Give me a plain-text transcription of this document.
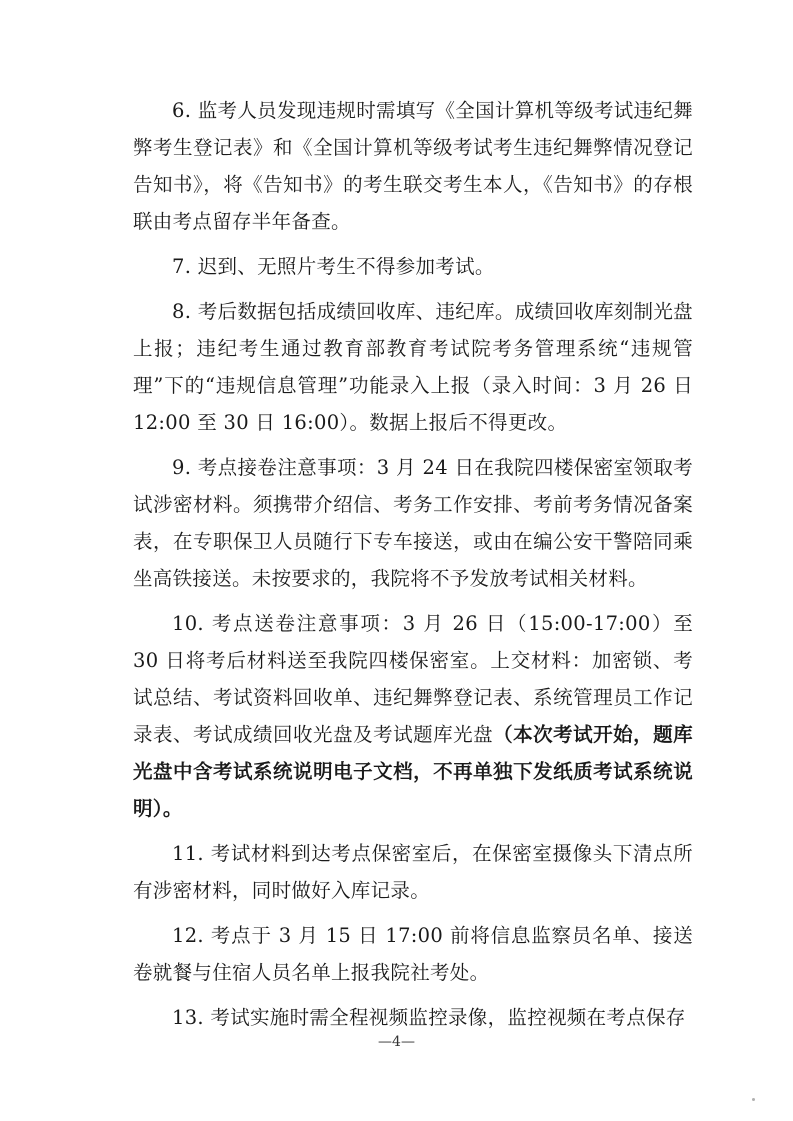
6. 监考人员发现违规时需填写《全国计算机等级考试违纪舞弊考生登记表》和《全国计算机等级考试考生违纪舞弊情况登记告知书》，将《告知书》的考生联交考生本人，《告知书》的存根联由考点留存半年备查。

7. 迟到、无照片考生不得参加考试。

8. 考后数据包括成绩回收库、违纪库。成绩回收库刻制光盘上报；违纪考生通过教育部教育考试院考务管理系统“违规管理”下的“违规信息管理”功能录入上报（录入时间：3 月 26 日 12:00 至 30 日 16:00）。数据上报后不得更改。

9. 考点接卷注意事项：3 月 24 日在我院四楼保密室领取考试涉密材料。须携带介绍信、考务工作安排、考前考务情况备案表，在专职保卫人员随行下专车接送，或由在编公安干警陪同乘坐高铁接送。未按要求的，我院将不予发放考试相关材料。

10. 考点送卷注意事项：3 月 26 日（15:00-17:00）至 30 日将考后材料送至我院四楼保密室。上交材料：加密锁、考试总结、考试资料回收单、违纪舞弊登记表、系统管理员工作记录表、考试成绩回收光盘及考试题库光盘（本次考试开始，题库光盘中含考试系统说明电子文档，不再单独下发纸质考试系统说明）。

11. 考试材料到达考点保密室后，在保密室摄像头下清点所有涉密材料，同时做好入库记录。

12. 考点于 3 月 15 日 17:00 前将信息监察员名单、接送卷就餐与住宿人员名单上报我院社考处。

13. 考试实施时需全程视频监控录像，监控视频在考点保存

—4—
